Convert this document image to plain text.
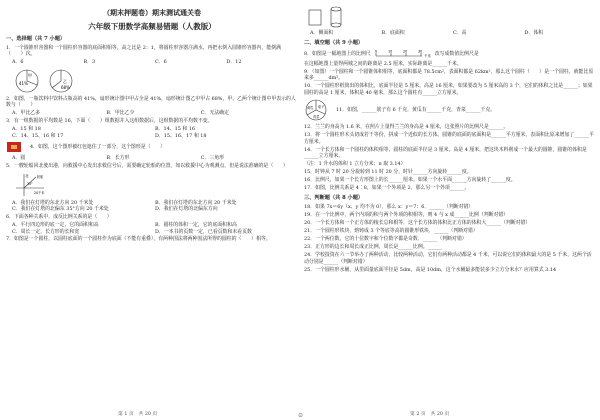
（期末押题卷）期末测试通关卷
六年级下册数学高频易错题（人教版）
一、选择题（共 7 小题）
1．一个圆锥形容器和一个圆柱形容器的底面积相等，高之比是 2：1，将圆柱形容器注满水，再把水倒入圆锥形容器内，能倒满（　　）次。
A．6	B．3	C．6	D．12
甲
41%	乙
68%
2．如图，一瓶饮料中饮料占瓶高的 41%，扇形统计图中甲占全是 41%，扇形统计图乙中甲占 68%，甲、乙两个统计图中甲表示的人数与（　　）
A．甲比乙多	B．甲比乙少	C．无法确定
3．有一组数据的平均数是 16，下面（　　）组数据并入这组数据后，这组数据的平均数不变。
A．15 和 18	B．14、15 和 16
C．14、15、16 和 17	D．15、16、17 和 18
4．如图，这个图形被红包遮住了一部分，这个图形是（　　）
A．圆	B．长方形	C．三角形
5．一艘轮船回北驶出港，向救援中心发出求救信号后，需要确定轮船的位置，如以救援中心为观测点，但是说法准确的是（　　）
北
35°
轮船
20千米
A．我们在灯塔的东北方向 20 千米处	B．我们在灯塔的东北方向 20 千米处
C．我们在灯塔的北偏东 35°方向 20 千米处	D．我们在灯塔的北偏东方向
6．下面各种关系中，成反比例关系的是（　　）
A．平行四边形的底一定，它的面积和高	B．圆柱的体积一定，它的底面积和高
C．周长一定，长方形的长和宽	D．一本书的页数一定，已看页数和未看页数
7．如图是一个圆柱，以圆柱底面的一个圆柱作为底面（不能有重叠），有两种围法将两种围法所得的圆柱的（　　）相等。
A．侧面积	B．底面积	C．高	D．体积
二、填空题（共 9 小题）
8．如图是一幅地图上的比例尺 0	10	20	30
千米 改写成数值比例尺是
在这幅地图上量得两城之间的距离是 2.5 厘米，实际距离是______千米。
9．（如图）一个圆柱和一个圆锥体积相等，底面积都是 78.5cm²，表面积都是 62km²，那么这个圆柱（　　）是一个圆柱，就能比原来多______dm²。
10．一个圆柱形纸筒出的体积比，底面半径是 5 厘米，高是 16 厘米，如果要改为 5 厘米高的 3 个，它们的体积之比是______；如果圆柱的高是 1 厘米，体积是 40 毫米，那么这个圆柱有______立方厘米。
黄瓜 茄子
青菜
11．如图，______筋子有 6 千克，黄瓜有______千克，青菜______千克。
12．兰兰的身高为 1.6 米，在照片上量得兰兰的身高是 4 厘米，这张照片的比例尺是______。
13．将一个圆柱形木头切成若干等份，拼成一个近似的长方体。圆锥的底面的底面积是______平方厘米，表面积比原来增加了______平方厘米。
14．一个长方体和一个圆柱的体积相等，圆柱的底面半径是 3 厘米，高是 4 厘米，把这块木料削成一个最大的圆锥，圆锥的体积是______立方厘米。
（注：1 升水的体积 1 立方分米；π 取 3.14）
15．时钟从 7 时 20 分旋转到 11 时 20 分，时针______方向旋转______度。
16．比例尺，如果一个长方形图上的长______厘米。如果一个水平面______方向旋转了______度。
17．如图，比例关系是 4∶8，如果一个外项是 2，那么另一个外项______。
三、判断题（共 8 小题）
18．如果 7x＝6y（x、y 均不为 0），那么 x：y＝7：6．______（判断对错）
19．在一个比例中，两个内项的积与两个外项的积相等，则 4 与 x 成______比例（判断对错）
20．一个长方体和一个正方体的棱长总和相等，这个长方体的体积比正方体的体积大______（判断对错）
21．一个圆柱形铁块，熔铸成 3 个等底等高的圆锥形铁块．______（判断对错）
22．一个两位数，它的十位数字和个位数字都是奇数．______（判断对错）
23．正方形的边长和周长成正比例，周长是______比例。______
24．学校投资在六一节举办了两种活动，比较两种活动，它们有两种活动都是 4 千米，可以说它们的体积最大的是 5 千米，这两个活动分别是______（判断对错）
25．一个圆柱形水桶，从里面量底面半径是 5dm，高是 10dm，这个水桶最多能装多少立方分米水？应用算式 3.14
第 1 页　共 20 页	⊙	第 2 页　共 20 页
